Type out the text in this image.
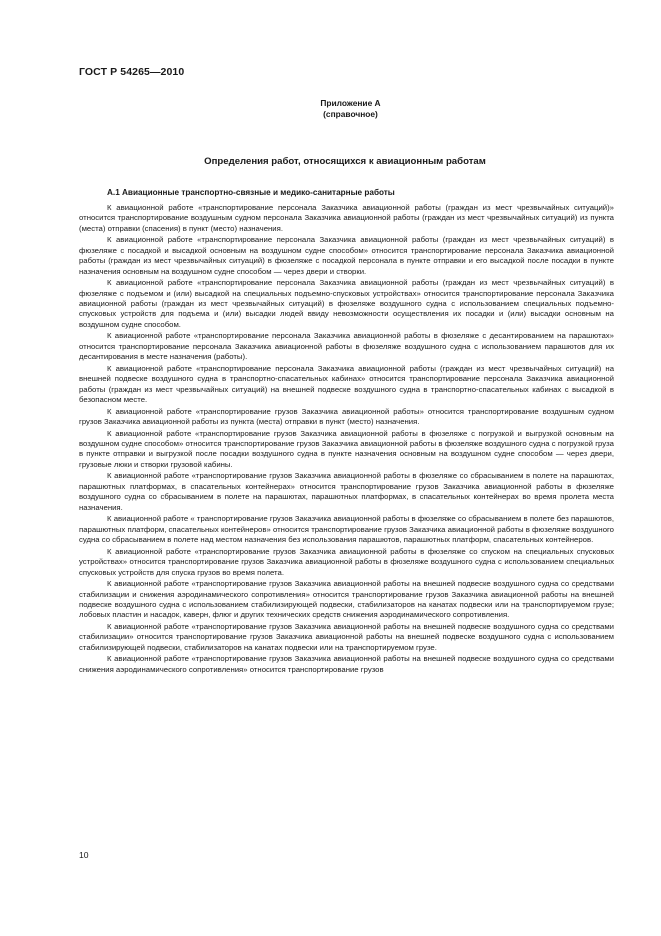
ГОСТ Р 54265—2010
Приложение А
(справочное)
Определения работ, относящихся к авиационным работам
А.1 Авиационные транспортно-связные и медико-санитарные работы

К авиационной работе «транспортирование персонала Заказчика авиационной работы (граждан из мест чрезвычайных ситуаций)» относится транспортирование воздушным судном персонала Заказчика авиационной работы (граждан из мест чрезвычайных ситуаций) из пункта (места) отправки (спасения) в пункт (место) назначения.

К авиационной работе «транспортирование персонала Заказчика авиационной работы (граждан из мест чрезвычайных ситуаций) в фюзеляже с посадкой и высадкой основным на воздушном судне способом» относится транспортирование персонала Заказчика авиационной работы (граждан из мест чрезвычайных ситуаций) в фюзеляже с посадкой персонала в пункте отправки и его высадкой после посадки в пункте назначения основным на воздушном судне способом — через двери и створки.

К авиационной работе «транспортирование персонала Заказчика авиационной работы (граждан из мест чрезвычайных ситуаций) в фюзеляже с подъемом и (или) высадкой на специальных подъемно-спусковых устройствах» относится транспортирование персонала Заказчика авиационной работы (граждан из мест чрезвычайных ситуаций) в фюзеляже воздушного судна с использованием специальных подъемно-спусковых устройств для подъема и (или) высадки людей ввиду невозможности осуществления их посадки и (или) высадки основным на воздушном судне способом.

К авиационной работе «транспортирование персонала Заказчика авиационной работы в фюзеляже с десантированием на парашютах» относится транспортирование персонала Заказчика авиационной работы в фюзеляже воздушного судна с использованием парашютов для их десантирования в месте назначения (работы).

К авиационной работе «транспортирование персонала Заказчика авиационной работы (граждан из мест чрезвычайных ситуаций) на внешней подвеске воздушного судна в транспортно-спасательных кабинах» относится транспортирование персонала Заказчика авиационной работы (граждан из мест чрезвычайных ситуаций) на внешней подвеске воздушного судна в транспортно-спасательных кабинах с высадкой в безопасном месте.

К авиационной работе «транспортирование грузов Заказчика авиационной работы» относится транспортирование воздушным судном грузов Заказчика авиационной работы из пункта (места) отправки в пункт (место) назначения.

К авиационной работе «транспортирование грузов Заказчика авиационной работы в фюзеляже с погрузкой и выгрузкой основным на воздушном судне способом» относится транспортирование грузов Заказчика авиационной работы в фюзеляже воздушного судна с погрузкой груза в пункте отправки и выгрузкой после посадки воздушного судна в пункте назначения основным на воздушном судне способом — через двери, грузовые люки и створки грузовой кабины.

К авиационной работе «транспортирование грузов Заказчика авиационной работы в фюзеляже со сбрасыванием в полете на парашютах, парашютных платформах, в спасательных контейнерах» относится транспортирование грузов Заказчика авиационной работы в фюзеляже воздушного судна со сбрасыванием в полете на парашютах, парашютных платформах, в спасательных контейнерах во время пролета места назначения.

К авиационной работе « транспортирование грузов Заказчика авиационной работы в фюзеляже со сбрасыванием в полете без парашютов, парашютных платформ, спасательных контейнеров» относится транспортирование грузов Заказчика авиационной работы в фюзеляже воздушного судна со сбрасыванием в полете над местом назначения без использования парашютов, парашютных платформ, спасательных контейнеров.

К авиационной работе «транспортирование грузов Заказчика авиационной работы в фюзеляже со спуском на специальных спусковых устройствах» относится транспортирование грузов Заказчика авиационной работы в фюзеляже воздушного судна с использованием специальных спусковых устройств для спуска грузов во время полета.

К авиационной работе «транспортирование грузов Заказчика авиационной работы на внешней подвеске воздушного судна со средствами стабилизации и снижения аэродинамического сопротивления» относится транспортирование грузов Заказчика авиационной работы на внешней подвеске воздушного судна с использованием стабилизирующей подвески, стабилизаторов на канатах подвески или на транспортируемом грузе; лобовых пластин и насадок, каверн, флюг и других технических средств снижения аэродинамического сопротивления.

К авиационной работе «транспортирование грузов Заказчика авиационной работы на внешней подвеске воздушного судна со средствами стабилизации» относится транспортирование грузов Заказчика авиационной работы на внешней подвеске воздушного судна с использованием стабилизирующей подвески, стабилизаторов на канатах подвески или на транспортируемом грузе.

К авиационной работе «транспортирование грузов Заказчика авиационной работы на внешней подвеске воздушного судна со средствами снижения аэродинамического сопротивления» относится транспортирование грузов

10
